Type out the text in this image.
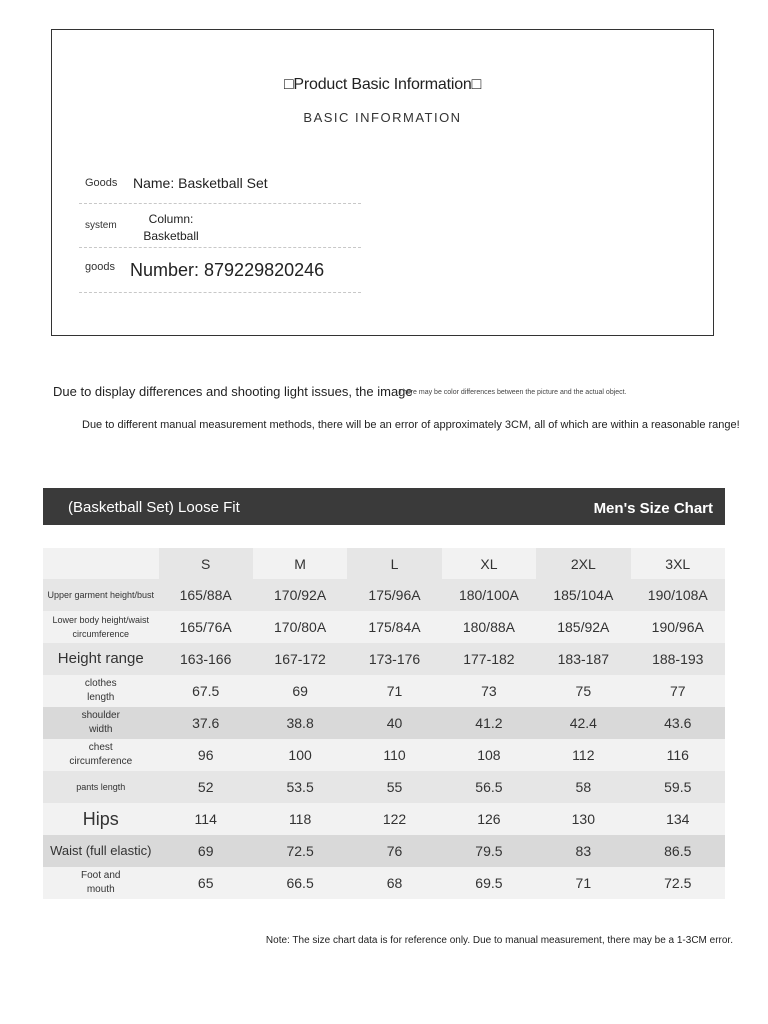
□Product Basic Information□
BASIC INFORMATION
Goods Name: Basketball Set
system	Column:
Basketball
goods Number: 879229820246
Due to display differences and shooting light issues, the imageThere may be color differences between the picture and the actual object.
Due to different manual measurement methods, there will be an error of approximately 3CM, all of which are within a reasonable range!
(Basketball Set) Loose Fit	Men's Size Chart
	S	M	L	XL	2XL	3XL
Upper garment height/bust	165/88A	170/92A	175/96A	180/100A	185/104A	190/108A
Lower body height/waist
circumference	165/76A	170/80A	175/84A	180/88A	185/92A	190/96A
Height range	163-166	167-172	173-176	177-182	183-187	188-193
clothes
length	67.5	69	71	73	75	77
shoulder
width	37.6	38.8	40	41.2	42.4	43.6
chest
circumference	96	100	110	108	112	116
pants length	52	53.5	55	56.5	58	59.5
Hips	114	118	122	126	130	134
Waist (full elastic)	69	72.5	76	79.5	83	86.5
Foot and
mouth	65	66.5	68	69.5	71	72.5
Note: The size chart data is for reference only. Due to manual measurement, there may be a 1-3CM error.
